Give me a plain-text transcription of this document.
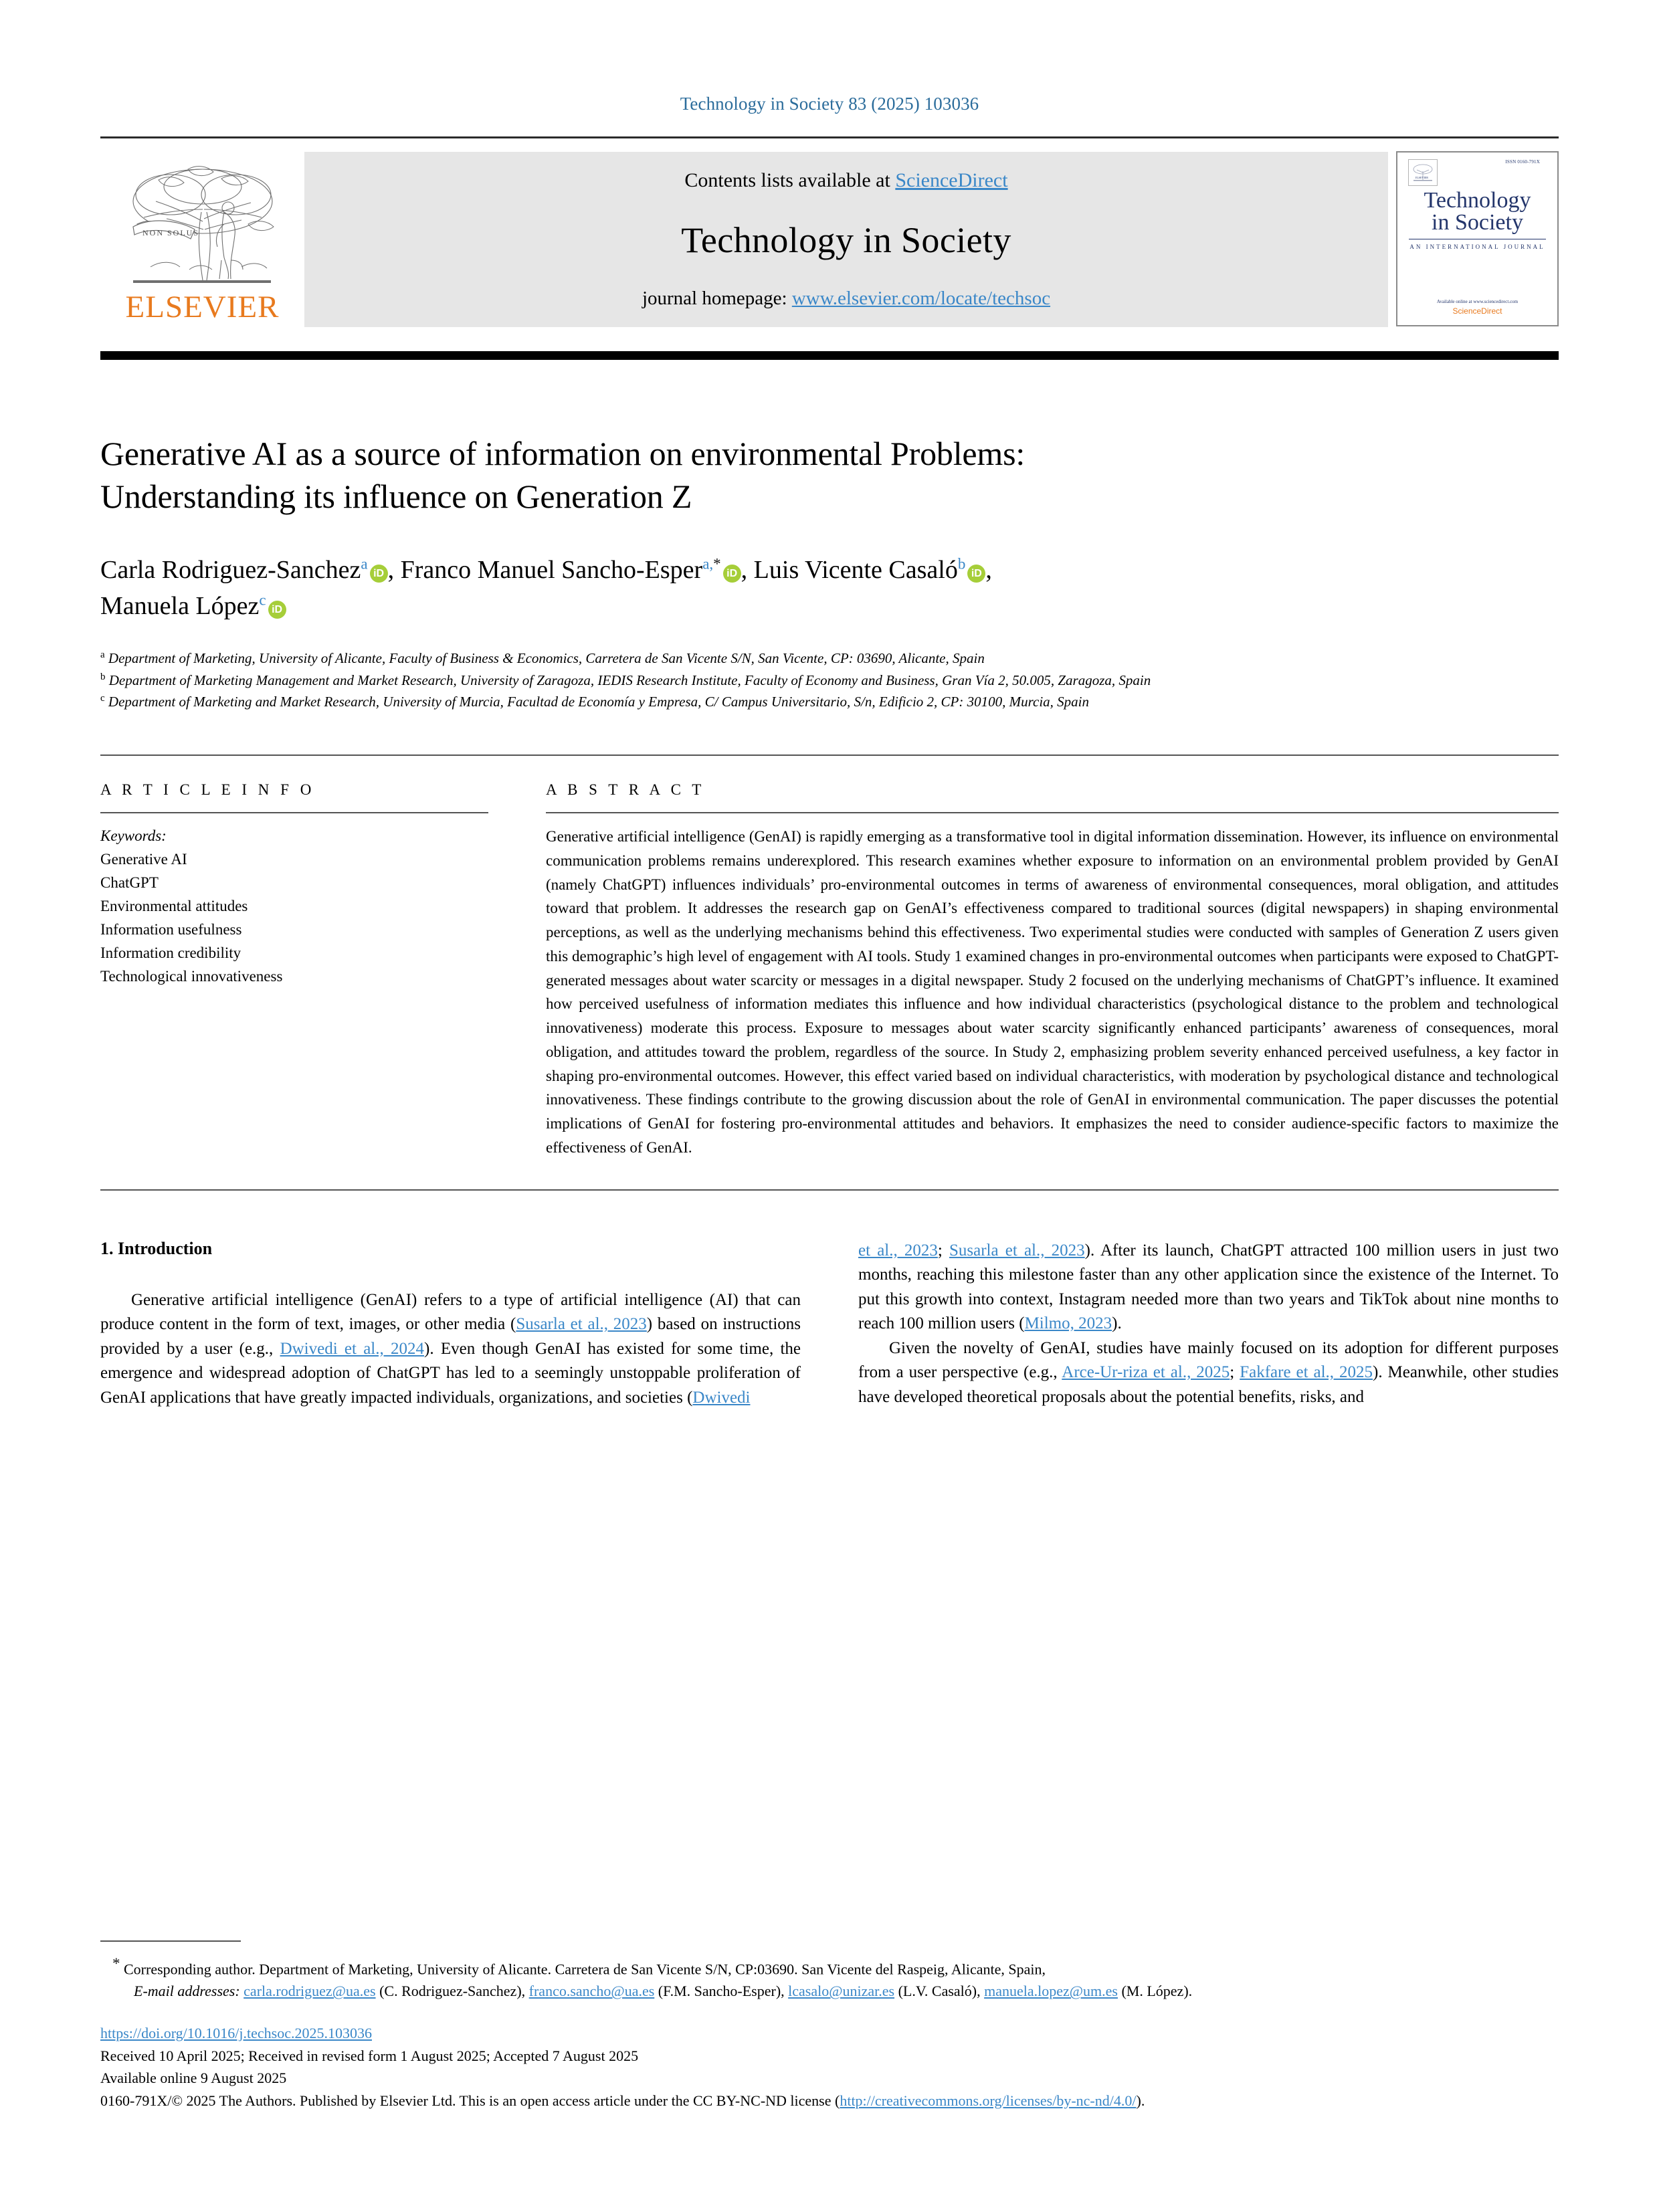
Technology in Society 83 (2025) 103036
NON SOLUS
ELSEVIER
Contents lists available at ScienceDirect
Technology in Society
journal homepage: www.elsevier.com/locate/techsoc
ISSN 0160-791X
ELSEVIER
Technology
in Society
AN INTERNATIONAL JOURNAL
Available online at www.sciencedirect.com
ScienceDirect
Generative AI as a source of information on environmental Problems:
Understanding its influence on Generation Z
Carla Rodriguez-Sanchez$^a$iD , Franco Manuel Sancho-Esper$^{a,*}$iD , Luis Vicente Casaló$^b$iD ,
Manuela López$^c$iD
$^a$ Department of Marketing, University of Alicante, Faculty of Business & Economics, Carretera de San Vicente S/N, San Vicente, CP: 03690, Alicante, Spain
$^b$ Department of Marketing Management and Market Research, University of Zaragoza, IEDIS Research Institute, Faculty of Economy and Business, Gran Vía 2, 50.005, Zaragoza, Spain
$^c$ Department of Marketing and Market Research, University of Murcia, Facultad de Economía y Empresa, C/ Campus Universitario, S/n, Edificio 2, CP: 30100, Murcia, Spain
A R T I C L E I N F O
Keywords:
Generative AI
ChatGPT
Environmental attitudes
Information usefulness
Information credibility
Technological innovativeness
A B S T R A C T
Generative artificial intelligence (GenAI) is rapidly emerging as a transformative tool in digital information dissemination. However, its influence on environmental communication problems remains underexplored. This research examines whether exposure to information on an environmental problem provided by GenAI (namely ChatGPT) influences individuals’ pro-environmental outcomes in terms of awareness of environmental consequences, moral obligation, and attitudes toward that problem. It addresses the research gap on GenAI’s effectiveness compared to traditional sources (digital newspapers) in shaping environmental perceptions, as well as the underlying mechanisms behind this effectiveness. Two experimental studies were conducted with samples of Generation Z users given this demographic’s high level of engagement with AI tools. Study 1 examined changes in pro-environmental outcomes when participants were exposed to ChatGPT-generated messages about water scarcity or messages in a digital newspaper. Study 2 focused on the underlying mechanisms of ChatGPT’s influence. It examined how perceived usefulness of information mediates this influence and how individual characteristics (psychological distance to the problem and technological innovativeness) moderate this process. Exposure to messages about water scarcity significantly enhanced participants’ awareness of consequences, moral obligation, and attitudes toward the problem, regardless of the source. In Study 2, emphasizing problem severity enhanced perceived usefulness, a key factor in shaping pro-environmental outcomes. However, this effect varied based on individual characteristics, with moderation by psychological distance and technological innovativeness. These findings contribute to the growing discussion about the role of GenAI in environmental communication. The paper discusses the potential implications of GenAI for fostering pro-environmental attitudes and behaviors. It emphasizes the need to consider audience-specific factors to maximize the effectiveness of GenAI.
1. Introduction

Generative artificial intelligence (GenAI) refers to a type of artificial intelligence (AI) that can produce content in the form of text, images, or other media (Susarla et al., 2023) based on instructions provided by a user (e.g., Dwivedi et al., 2024). Even though GenAI has existed for some time, the emergence and widespread adoption of ChatGPT has led to a seemingly unstoppable proliferation of GenAI applications that have greatly impacted individuals, organizations, and societies (Dwivedi

et al., 2023; Susarla et al., 2023). After its launch, ChatGPT attracted 100 million users in just two months, reaching this milestone faster than any other application since the existence of the Internet. To put this growth into context, Instagram needed more than two years and TikTok about nine months to reach 100 million users (Milmo, 2023).

Given the novelty of GenAI, studies have mainly focused on its adoption for different purposes from a user perspective (e.g., Arce-Ur-riza et al., 2025; Fakfare et al., 2025). Meanwhile, other studies have developed theoretical proposals about the potential benefits, risks, and

* Corresponding author. Department of Marketing, University of Alicante. Carretera de San Vicente S/N, CP:03690. San Vicente del Raspeig, Alicante, Spain,
E-mail addresses: carla.rodriguez@ua.es (C. Rodriguez-Sanchez), franco.sancho@ua.es (F.M. Sancho-Esper), lcasalo@unizar.es (L.V. Casaló), manuela.lopez@um.es (M. López).
https://doi.org/10.1016/j.techsoc.2025.103036
Received 10 April 2025; Received in revised form 1 August 2025; Accepted 7 August 2025
Available online 9 August 2025
0160-791X/© 2025 The Authors. Published by Elsevier Ltd. This is an open access article under the CC BY-NC-ND license (http://creativecommons.org/licenses/by-nc-nd/4.0/).
